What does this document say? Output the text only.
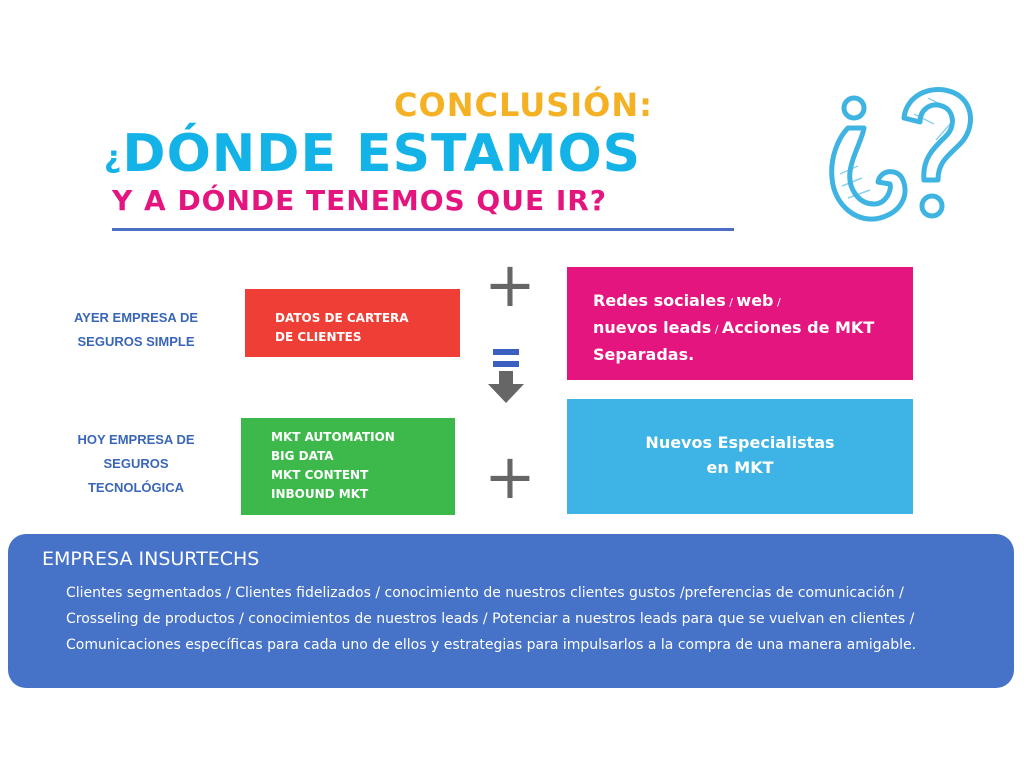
CONCLUSIÓN:
¿DÓNDE ESTAMOS
Y A DÓNDE TENEMOS QUE IR?
AYER EMPRESA DE
SEGUROS SIMPLE
HOY EMPRESA DE
SEGUROS
TECNOLÓGICA
DATOS DE CARTERA
DE CLIENTES
MKT AUTOMATION
BIG DATA
MKT CONTENT
INBOUND MKT
Redes sociales / web /
nuevos leads / Acciones de MKT
Separadas.
Nuevos Especialistas
en MKT
+
+
EMPRESA INSURTECHS
Clientes segmentados / Clientes fidelizados / conocimiento de nuestros clientes gustos /preferencias de comunicación /
Crosseling de productos / conocimientos de nuestros leads / Potenciar a nuestros leads para que se vuelvan en clientes /
Comunicaciones específicas para cada uno de ellos y estrategias para impulsarlos a la compra de una manera amigable.
